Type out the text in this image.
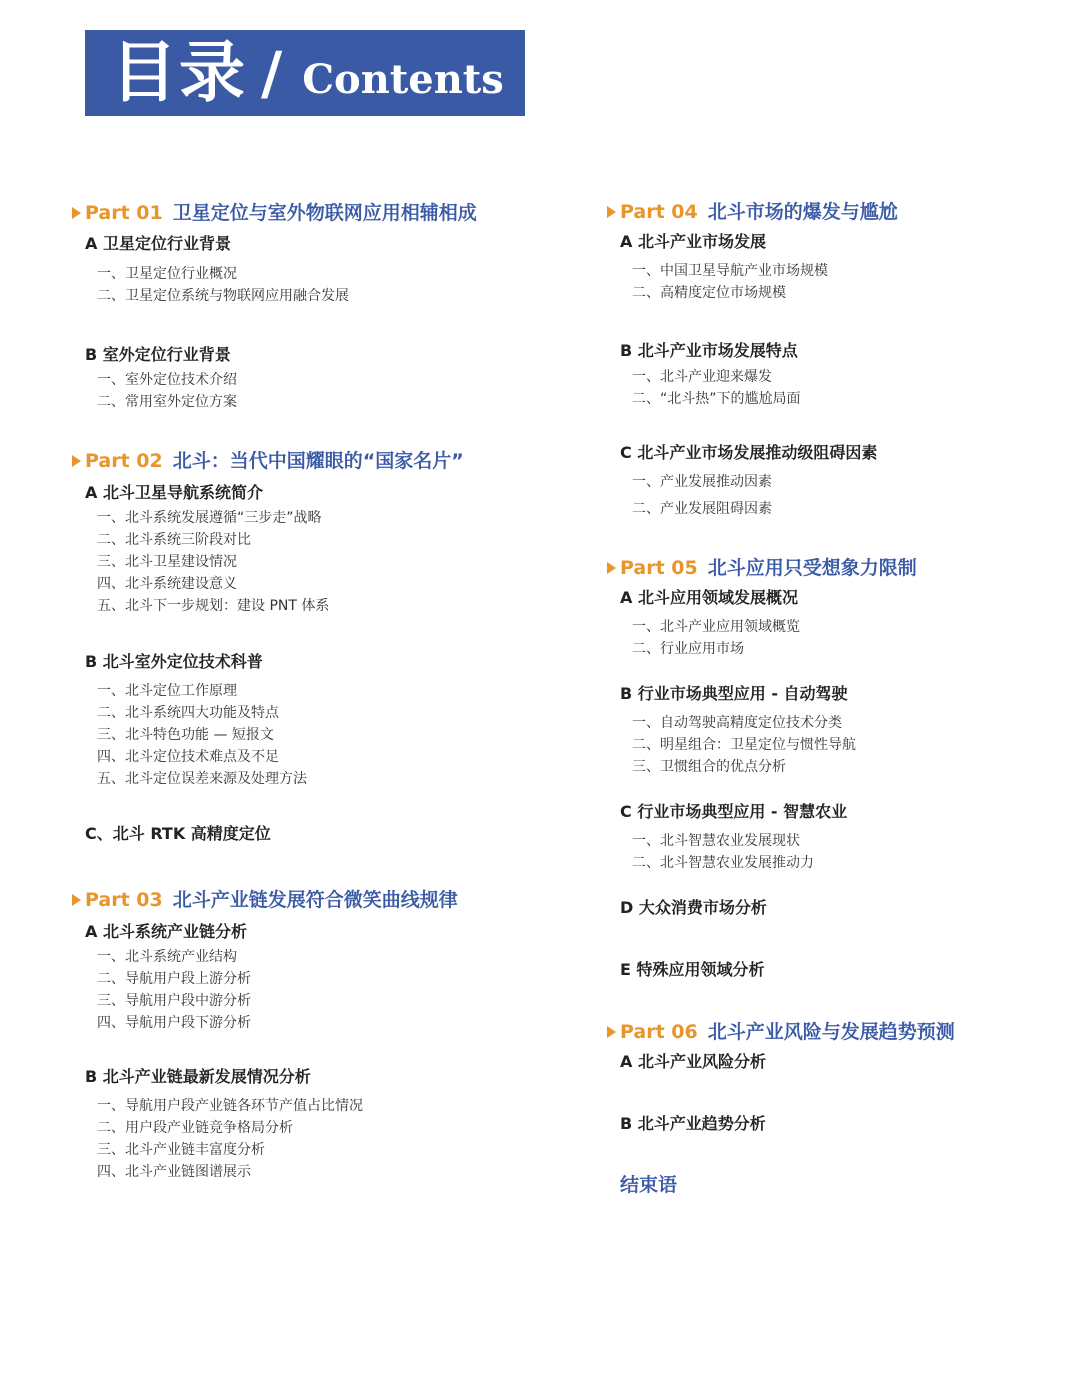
目录 / Contents
Part 01 卫星定位与室外物联网应用相辅相成
A 卫星定位行业背景
一、卫星定位行业概况
二、卫星定位系统与物联网应用融合发展
B 室外定位行业背景
一、室外定位技术介绍
二、常用室外定位方案
Part 02 北斗：当代中国耀眼的“国家名片”
A 北斗卫星导航系统简介
一、北斗系统发展遵循“三步走”战略
二、北斗系统三阶段对比
三、北斗卫星建设情况
四、北斗系统建设意义
五、北斗下一步规划：建设 PNT 体系
B 北斗室外定位技术科普
一、北斗定位工作原理
二、北斗系统四大功能及特点
三、北斗特色功能 — 短报文
四、北斗定位技术难点及不足
五、北斗定位误差来源及处理方法
C、北斗 RTK 高精度定位
Part 03 北斗产业链发展符合微笑曲线规律
A 北斗系统产业链分析
一、北斗系统产业结构
二、导航用户段上游分析
三、导航用户段中游分析
四、导航用户段下游分析
B 北斗产业链最新发展情况分析
一、导航用户段产业链各环节产值占比情况
二、用户段产业链竞争格局分析
三、北斗产业链丰富度分析
四、北斗产业链图谱展示
Part 04 北斗市场的爆发与尴尬
A 北斗产业市场发展
一、中国卫星导航产业市场规模
二、高精度定位市场规模
B 北斗产业市场发展特点
一、北斗产业迎来爆发
二、“北斗热”下的尴尬局面
C 北斗产业市场发展推动级阻碍因素
一、产业发展推动因素
二、产业发展阻碍因素
Part 05 北斗应用只受想象力限制
A 北斗应用领域发展概况
一、北斗产业应用领域概览
二、行业应用市场
B 行业市场典型应用 - 自动驾驶
一、自动驾驶高精度定位技术分类
二、明星组合：卫星定位与惯性导航
三、卫惯组合的优点分析
C 行业市场典型应用 - 智慧农业
一、北斗智慧农业发展现状
二、北斗智慧农业发展推动力
D 大众消费市场分析
E 特殊应用领域分析
Part 06 北斗产业风险与发展趋势预测
A 北斗产业风险分析
B 北斗产业趋势分析
结束语
